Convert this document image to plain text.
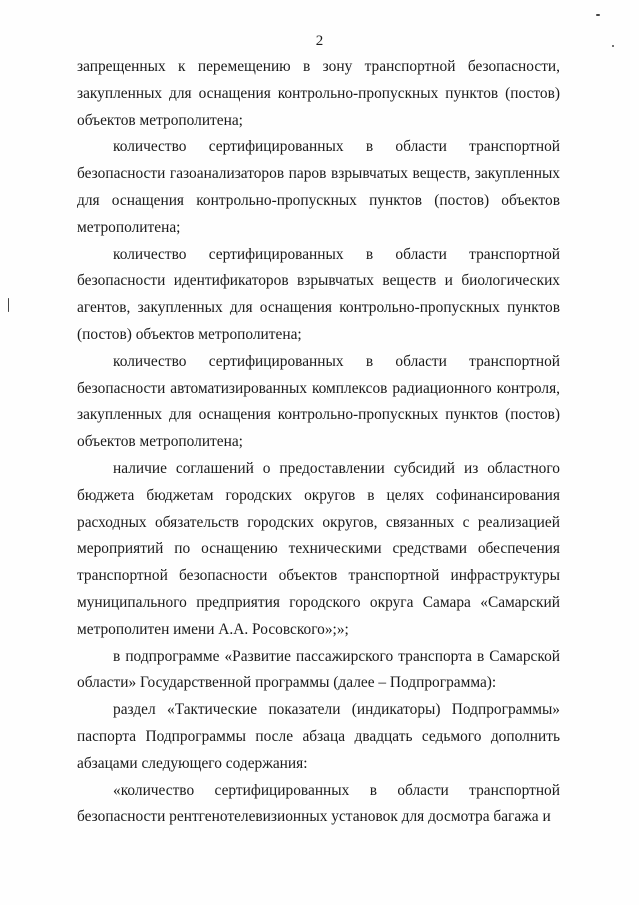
2

запрещенных к перемещению в зону транспортной безопасности, закупленных для оснащения контрольно-пропускных пунктов (постов) объектов метрополитена;

количество сертифицированных в области транспортной безопасности газоанализаторов паров взрывчатых веществ, закупленных для оснащения контрольно-пропускных пунктов (постов) объектов метрополитена;

количество сертифицированных в области транспортной безопасности идентификаторов взрывчатых веществ и биологических агентов, закупленных для оснащения контрольно-пропускных пунктов (постов) объектов метрополитена;

количество сертифицированных в области транспортной безопасности автоматизированных комплексов радиационного контроля, закупленных для оснащения контрольно-пропускных пунктов (постов) объектов метрополитена;

наличие соглашений о предоставлении субсидий из областного бюджета бюджетам городских округов в целях софинансирования расходных обязательств городских округов, связанных с реализацией мероприятий по оснащению техническими средствами обеспечения транспортной безопасности объектов транспортной инфраструктуры муниципального предприятия городского округа Самара «Самарский метрополитен имени А.А. Росовского»;»;

в подпрограмме «Развитие пассажирского транспорта в Самарской области» Государственной программы (далее – Подпрограмма):

раздел «Тактические показатели (индикаторы) Подпрограммы» паспорта Подпрограммы после абзаца двадцать седьмого дополнить абзацами следующего содержания:

«количество сертифицированных в области транспортной безопасности рентгенотелевизионных установок для досмотра багажа и
